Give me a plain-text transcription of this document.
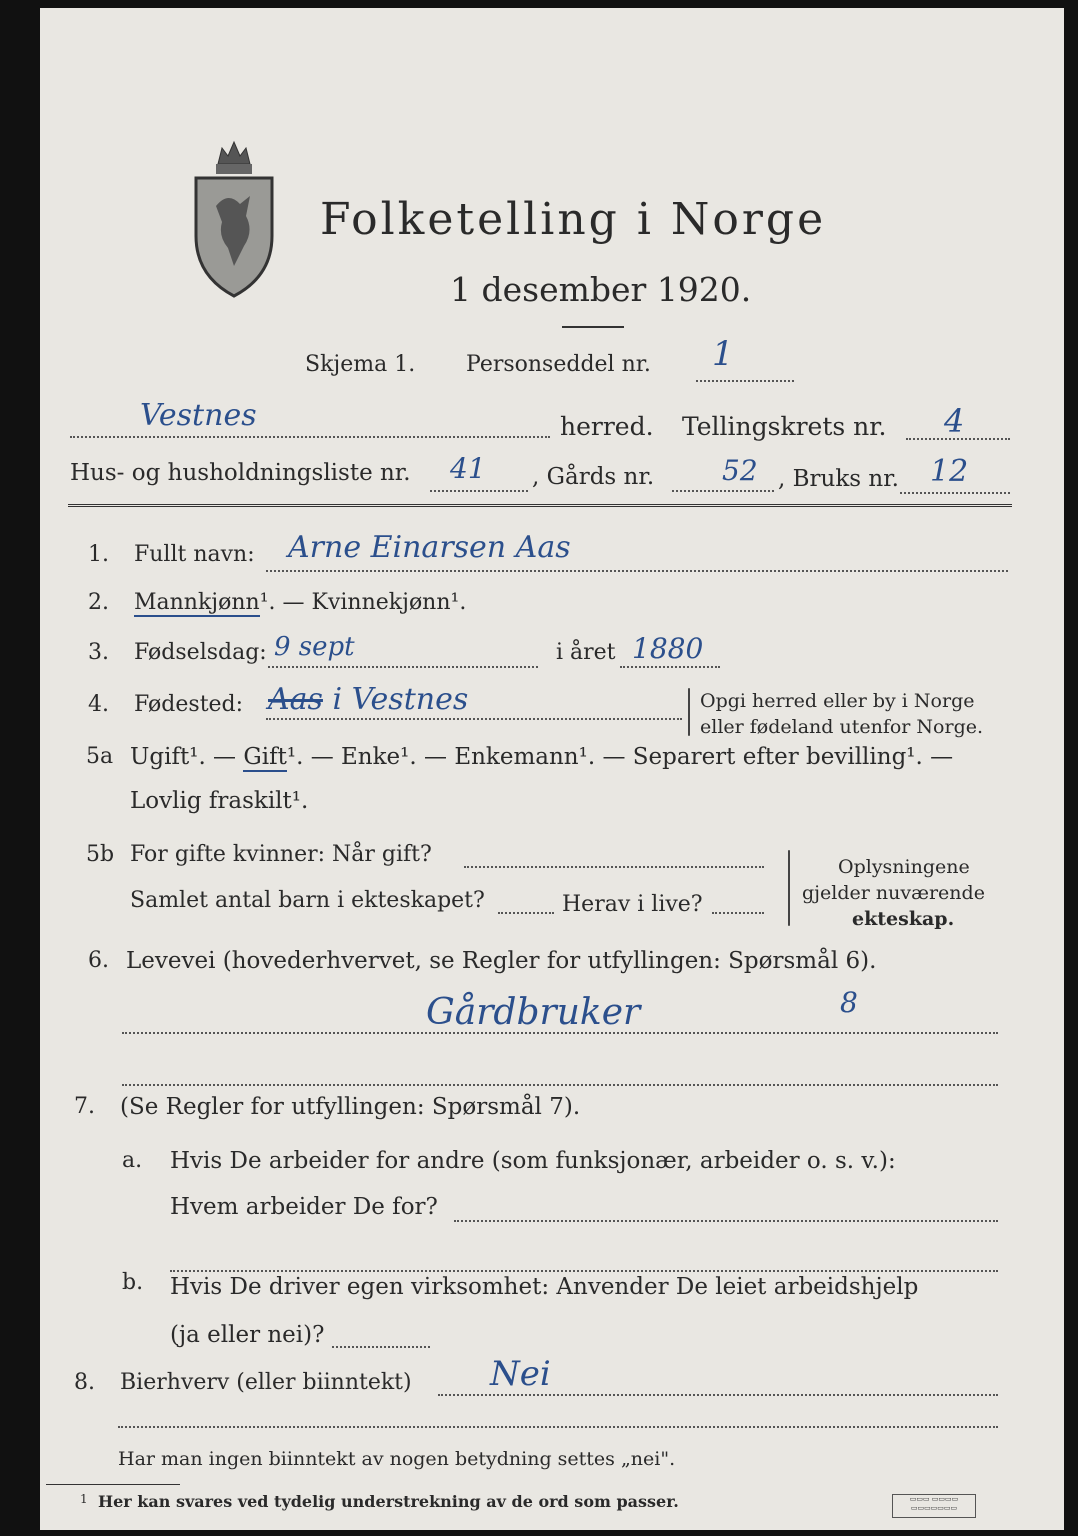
Folketelling i Norge
1 desember 1920.
Skjema 1. Personseddel nr. 1
Vestnes	herred. Tellingskrets nr. 4
Hus- og husholdningsliste nr. 41 , Gårds nr. 52 , Bruks nr. 12
1. Fullt navn: Arne Einarsen Aas
2. Mannkjønn¹. — Kvinnekjønn¹.
3. Fødselsdag: 9 sept	i året 1880
4. Fødested: Aas i Vestnes	Opgi herred eller by i Norge
eller fødeland utenfor Norge.
5a Ugift¹. — Gift¹. — Enke¹. — Enkemann¹. — Separert efter bevilling¹. —
Lovlig fraskilt¹.
5b For gifte kvinner: Når gift?
Samlet antal barn i ekteskapet?	Herav i live?
Oplysningene
gjelder nuværende
ekteskap.
6. Levevei (hovederhvervet, se Regler for utfyllingen: Spørsmål 6).
Gårdbruker	8
7. (Se Regler for utfyllingen: Spørsmål 7).
a. Hvis De arbeider for andre (som funksjonær, arbeider o. s. v.):
Hvem arbeider De for?
b. Hvis De driver egen virksomhet: Anvender De leiet arbeidshjelp
(ja eller nei)?
8. Bierhverv (eller biinntekt) Nei
Har man ingen biinntekt av nogen betydning settes „nei".
1 Her kan svares ved tydelig understrekning av de ord som passer.	▭▭▭ ▭▭▭▭
▭▭▭▭▭▭▭
